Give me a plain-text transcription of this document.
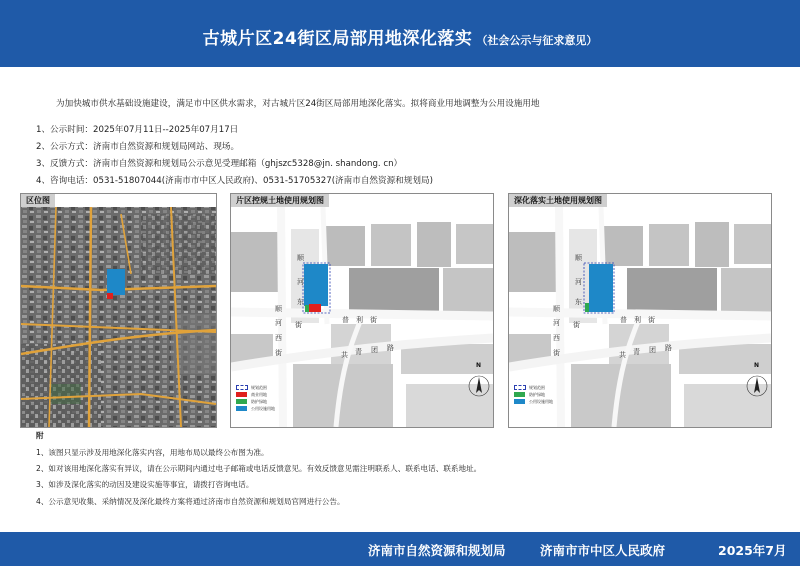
古城片区24街区局部用地深化落实 （社会公示与征求意见）
为加快城市供水基础设施建设，满足市中区供水需求，对古城片区24街区局部用地深化落实。拟将商业用地调整为公用设施用地
1、公示时间：2025年07月11日--2025年07月17日
2、公示方式：济南市自然资源和规划局网站、现场。
3、反馈方式：济南市自然资源和规划局公示意见受理邮箱（ghjszc5328@jn. shandong. cn）
4、咨询电话：0531-51807044(济南市市中区人民政府)、0531-51705327(济南市自然资源和规划局)
区位图	片区控规土地使用规划图
顺
河
东
顺
河
西
街
街
普 利 街
共 青 团 路
N
规划范围
商业用地
防护绿地
公用设施用地
深化落实土地使用规划图
顺
河
东
顺
河
西
街
街
普 利 街
共 青 团 路
N
规划范围
防护绿地
公用设施用地
附
1、该图只显示涉及用地深化落实内容，用地布局以最终公布图为准。
2、如对该用地深化落实有异议，请在公示期间内通过电子邮箱或电话反馈意见。有效反馈意见需注明联系人、联系电话、联系地址。
3、如涉及深化落实的动因及建设实施等事宜，请拨打咨询电话。
4、公示意见收集、采纳情况及深化最终方案将通过济南市自然资源和规划局官网进行公告。
济南市自然资源和规划局	济南市市中区人民政府	2025年7月
